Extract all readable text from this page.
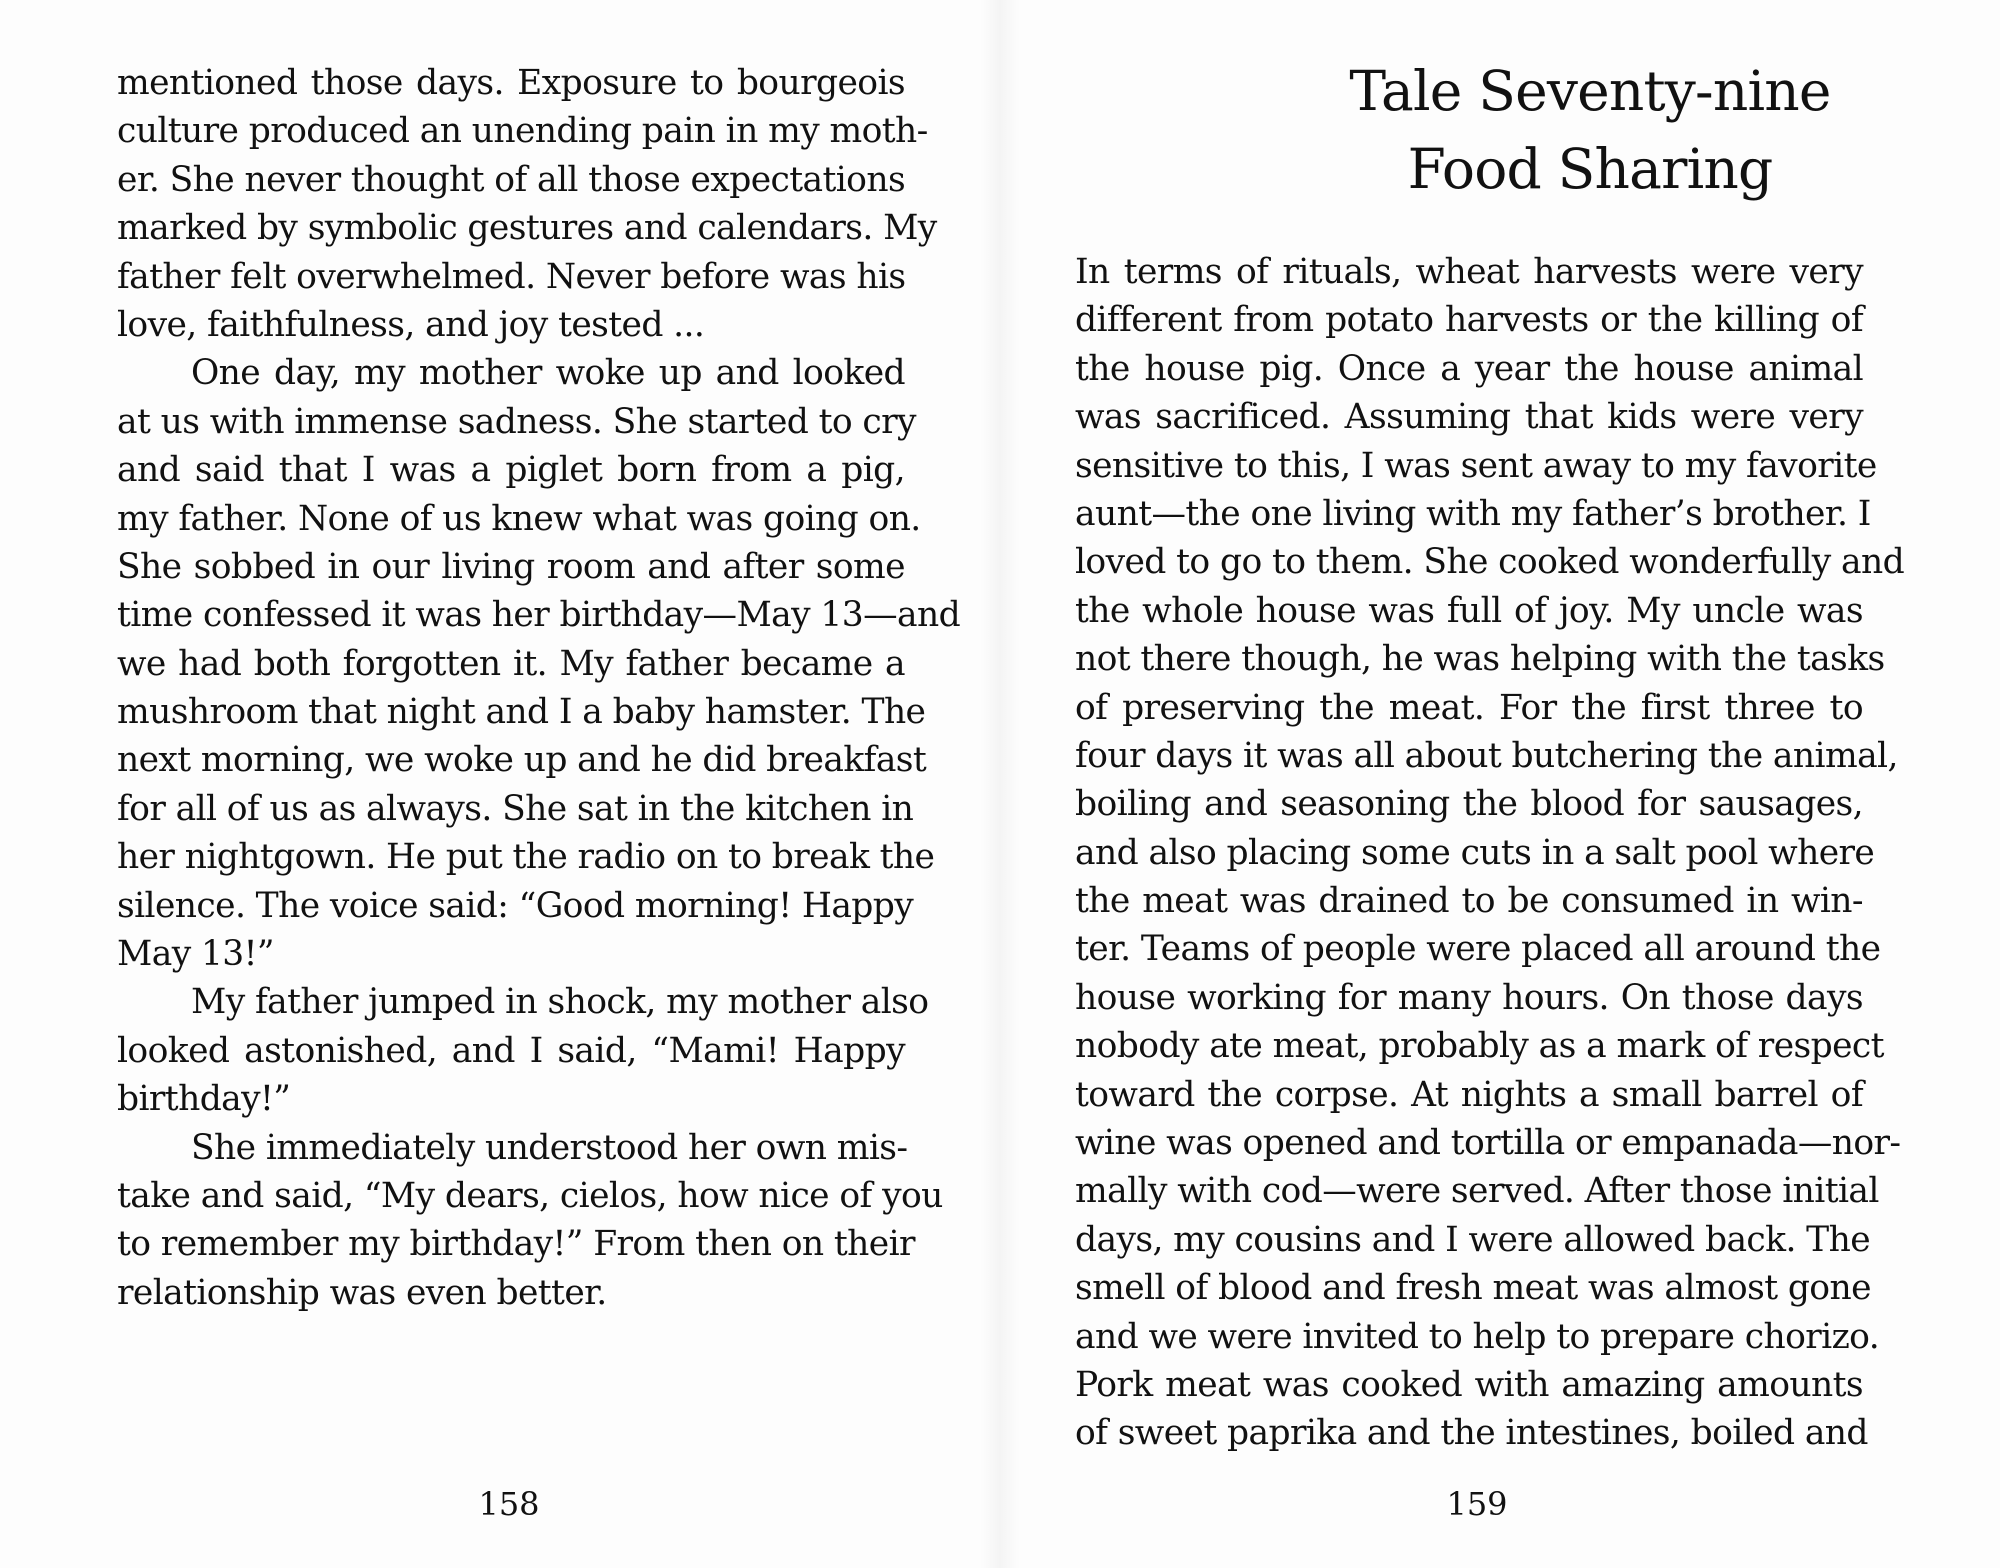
mentioned those days. Exposure to bourgeois
culture produced an unending pain in my moth-
er. She never thought of all those expectations
marked by symbolic gestures and calendars. My
father felt overwhelmed. Never before was his
love, faithfulness, and joy tested ...
One day, my mother woke up and looked
at us with immense sadness. She started to cry
and said that I was a piglet born from a pig,
my father. None of us knew what was going on.
She sobbed in our living room and after some
time confessed it was her birthday—May 13—and
we had both forgotten it. My father became a
mushroom that night and I a baby hamster. The
next morning, we woke up and he did breakfast
for all of us as always. She sat in the kitchen in
her nightgown. He put the radio on to break the
silence. The voice said: “Good morning! Happy
May 13!”
My father jumped in shock, my mother also
looked astonished, and I said, “Mami! Happy
birthday!”
She immediately understood her own mis-
take and said, “My dears, cielos, how nice of you
to remember my birthday!” From then on their
relationship was even better.
158
Tale Seventy-nine
Food Sharing
In terms of rituals, wheat harvests were very
different from potato harvests or the killing of
the house pig. Once a year the house animal
was sacrificed. Assuming that kids were very
sensitive to this, I was sent away to my favorite
aunt—the one living with my father’s brother. I
loved to go to them. She cooked wonderfully and
the whole house was full of joy. My uncle was
not there though, he was helping with the tasks
of preserving the meat. For the first three to
four days it was all about butchering the animal,
boiling and seasoning the blood for sausages,
and also placing some cuts in a salt pool where
the meat was drained to be consumed in win-
ter. Teams of people were placed all around the
house working for many hours. On those days
nobody ate meat, probably as a mark of respect
toward the corpse. At nights a small barrel of
wine was opened and tortilla or empanada—nor-
mally with cod—were served. After those initial
days, my cousins and I were allowed back. The
smell of blood and fresh meat was almost gone
and we were invited to help to prepare chorizo.
Pork meat was cooked with amazing amounts
of sweet paprika and the intestines, boiled and
159
